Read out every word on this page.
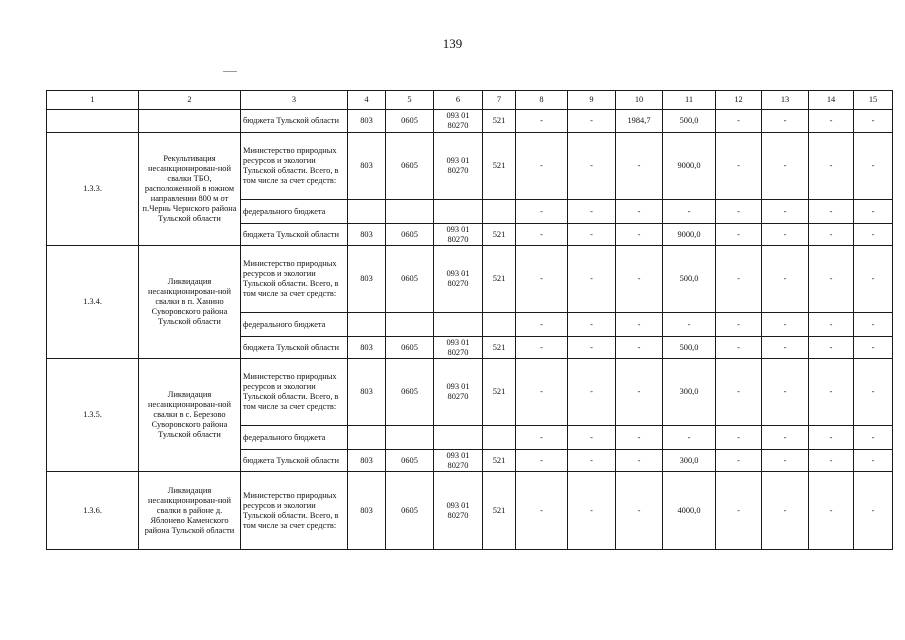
139
1	2	3	4	5	6	7	8	9	10	11	12	13	14	15
		бюджета Тульской области	803	0605	093 01 80270	521	-	-	1984,7	500,0	-	-	-	-
1.3.3.	Рекультивация несанкционирован-ной свалки ТБО, расположенной в южном направлении 800 м от п.Чернь Чернского района Тульской области	Министерство природных ресурсов и экологии Тульской области. Всего, в том числе за счет средств:	803	0605	093 01 80270	521	-	-	-	9000,0	-	-	-	-
		федерального бюджета					-	-	-	-	-	-	-	-
		бюджета Тульской области	803	0605	093 01 80270	521	-	-	-	9000,0	-	-	-	-
1.3.4.	Ликвидация несанкционирован-ной свалки в п. Ханино Суворовского района Тульской области	Министерство природных ресурсов и экологии Тульской области. Всего, в том числе за счет средств:	803	0605	093 01 80270	521	-	-	-	500,0	-	-	-	-
		федерального бюджета					-	-	-	-	-	-	-	-
		бюджета Тульской области	803	0605	093 01 80270	521	-	-	-	500,0	-	-	-	-
1.3.5.	Ликвидация несанкционирован-ной свалки в с. Березово Суворовского района Тульской области	Министерство природных ресурсов и экологии Тульской области. Всего, в том числе за счет средств:	803	0605	093 01 80270	521	-	-	-	300,0	-	-	-	-
		федерального бюджета					-	-	-	-	-	-	-	-
		бюджета Тульской области	803	0605	093 01 80270	521	-	-	-	300,0	-	-	-	-
1.3.6.	Ликвидация несанкционирован-ной свалки в районе д. Яблонево Каменского района Тульской области	Министерство природных ресурсов и экологии Тульской области. Всего, в том числе за счет средств:	803	0605	093 01 80270	521	-	-	-	4000,0	-	-	-	-
